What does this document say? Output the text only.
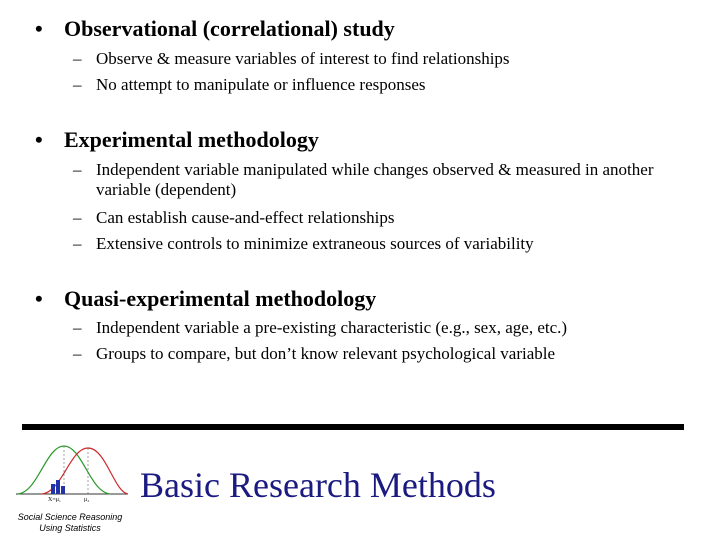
• Observational (correlational) study
– Observe & measure variables of interest to find relationships
– No attempt to manipulate or influence responses
• Experimental methodology
– Independent variable manipulated while changes observed & measured in another variable (dependent)
– Can establish cause-and-effect relationships
– Extensive controls to minimize extraneous sources of variability
• Quasi-experimental methodology
– Independent variable a pre-existing characteristic (e.g., sex, age, etc.)
– Groups to compare, but don’t know relevant psychological variable
X=μ₁	μ₂
Social Science Reasoning
Using Statistics
Basic Research Methods
